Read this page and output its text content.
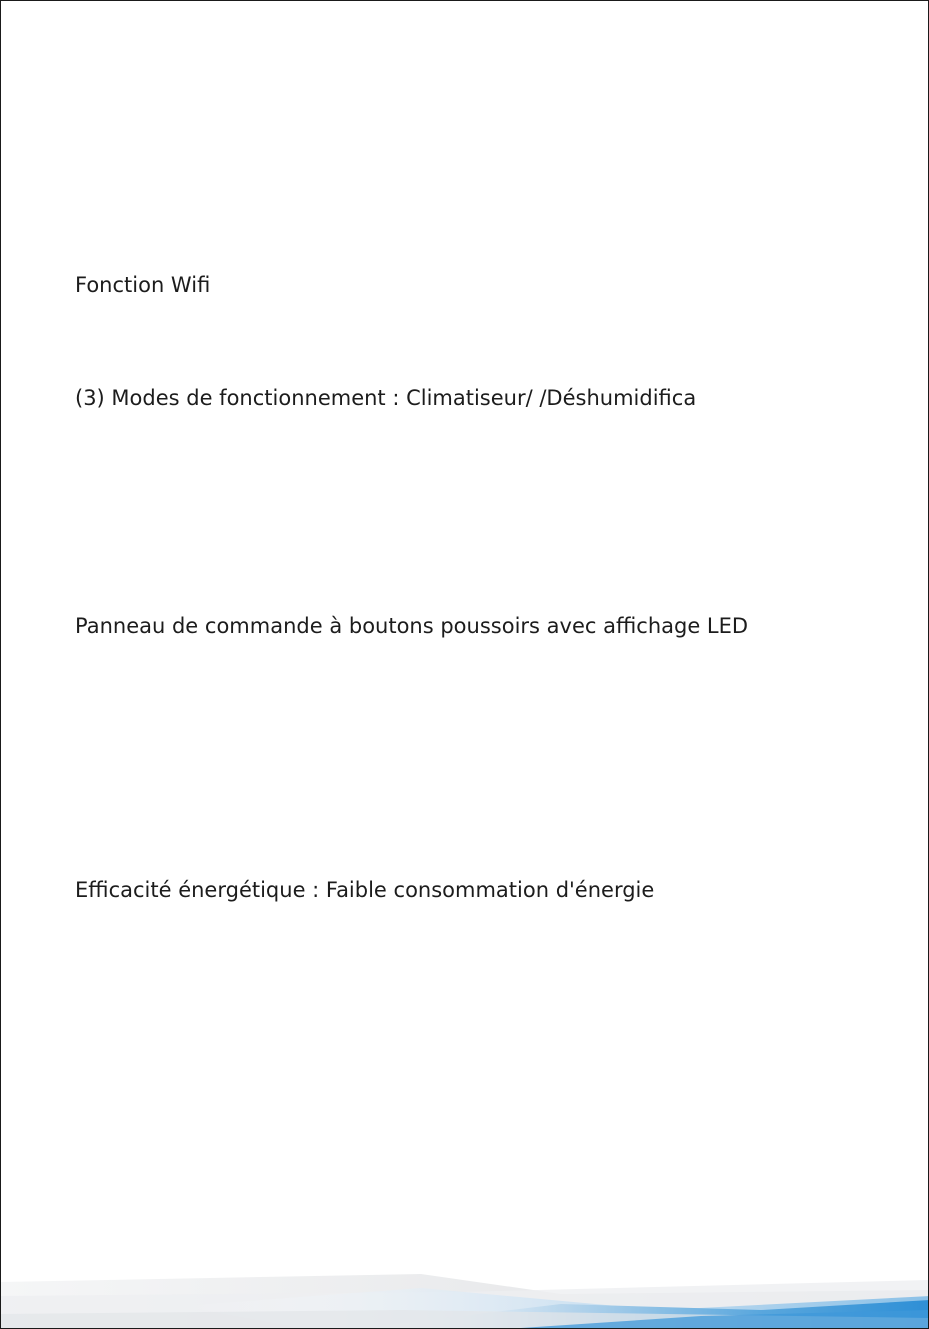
Fonction Wifi

(3) Modes de fonctionnement : Climatiseur/ /Déshumidifica

Panneau de commande à boutons poussoirs avec affichage LED

Efficacité énergétique : Faible consommation d'énergie
